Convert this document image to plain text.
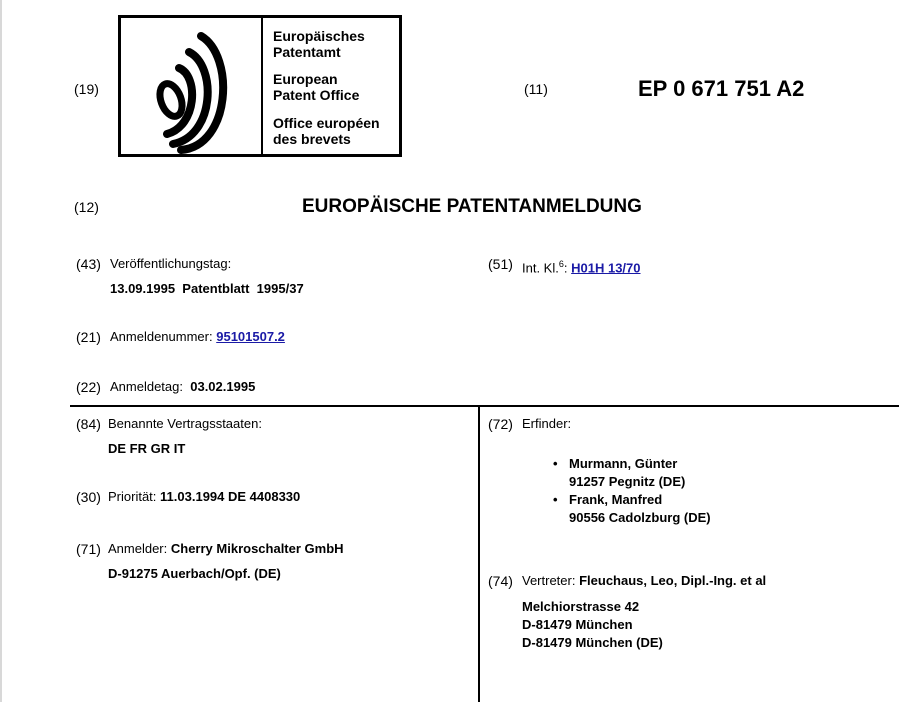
(19)
Europäisches
Patentamt
European
Patent Office
Office européen
des brevets
(11)	EP 0 671 751 A2
(12)	EUROPÄISCHE PATENTANMELDUNG
(43) Veröffentlichungstag:
13.09.1995  Patentblatt  1995/37
(51) Int. Kl.$^6$: H01H 13/70
(21) Anmeldenummer: 95101507.2
(22) Anmeldetag: 03.02.1995
(84) Benannte Vertragsstaaten:
DE FR GR IT
(30) Priorität: 11.03.1994 DE 4408330
(71) Anmelder: Cherry Mikroschalter GmbH
D-91275 Auerbach/Opf. (DE)
(72) Erfinder:
• Murmann, Günter
91257 Pegnitz (DE)
• Frank, Manfred
90556 Cadolzburg (DE)
(74) Vertreter: Fleuchaus, Leo, Dipl.-Ing. et al
Melchiorstrasse 42
D-81479 München
D-81479 München (DE)
